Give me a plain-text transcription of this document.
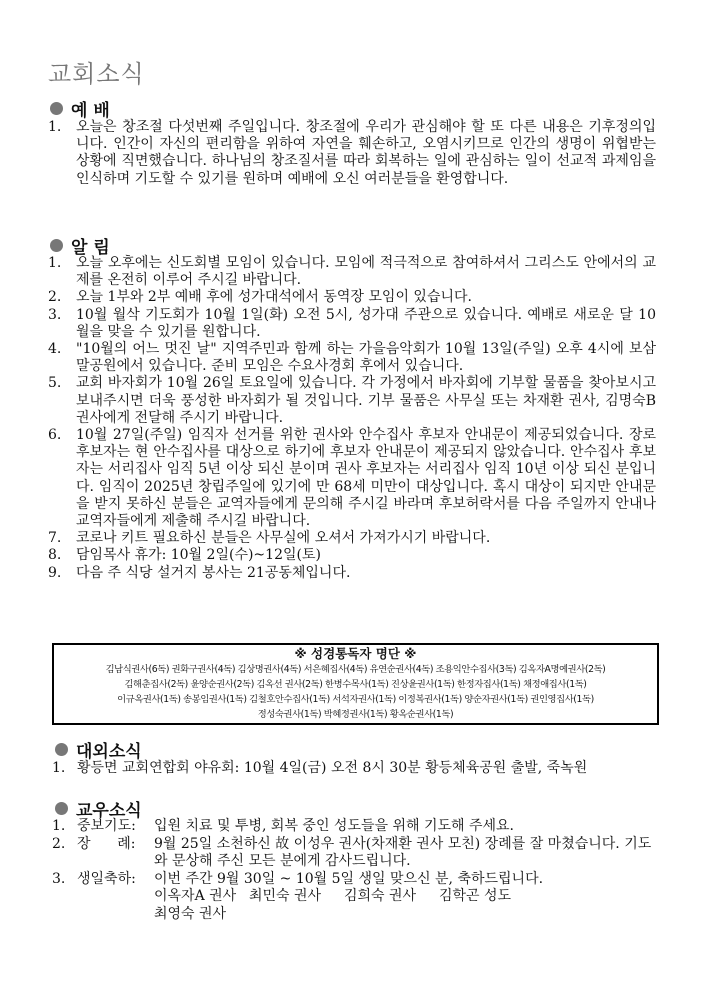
교회소식
예 배
1.	오늘은 창조절 다섯번째 주일입니다. 창조절에 우리가 관심해야 할 또 다른 내용은 기후정의입니다. 인간이 자신의 편리함을 위하여 자연을 훼손하고, 오염시키므로 인간의 생명이 위협받는 상황에 직면했습니다. 하나님의 창조질서를 따라 회복하는 일에 관심하는 일이 선교적 과제임을 인식하며 기도할 수 있기를 원하며 예배에 오신 여러분들을 환영합니다.
알 림
1.	오늘 오후에는 신도회별 모임이 있습니다. 모임에 적극적으로 참여하셔서 그리스도 안에서의 교제를 온전히 이루어 주시길 바랍니다.
2.	오늘 1부와 2부 예배 후에 성가대석에서 동역장 모임이 있습니다.
3.	10월 월삭 기도회가 10월 1일(화) 오전 5시, 성가대 주관으로 있습니다. 예배로 새로운 달 10월을 맞을 수 있기를 원합니다.
4.	"10월의 어느 멋진 날" 지역주민과 함께 하는 가을음악회가 10월 13일(주일) 오후 4시에 보삼말공원에서 있습니다. 준비 모임은 수요사경회 후에서 있습니다.
5.	교회 바자회가 10월 26일 토요일에 있습니다. 각 가정에서 바자회에 기부할 물품을 찾아보시고 보내주시면 더욱 풍성한 바자회가 될 것입니다. 기부 물품은 사무실 또는 차재환 권사, 김명숙B 권사에게 전달해 주시기 바랍니다.
6.	10월 27일(주일) 임직자 선거를 위한 권사와 안수집사 후보자 안내문이 제공되었습니다. 장로 후보자는 현 안수집사를 대상으로 하기에 후보자 안내문이 제공되지 않았습니다. 안수집사 후보자는 서리집사 임직 5년 이상 되신 분이며 권사 후보자는 서리집사 임직 10년 이상 되신 분입니다. 임직이 2025년 창립주일에 있기에 만 68세 미만이 대상입니다. 혹시 대상이 되지만 안내문을 받지 못하신 분들은 교역자들에게 문의해 주시길 바라며 후보허락서를 다음 주일까지 안내나 교역자들에게 제출해 주시길 바랍니다.
7.	코로나 키트 필요하신 분들은 사무실에 오셔서 가져가시기 바랍니다.
8.	담임목사 휴가: 10월 2일(수)~12일(토)
9.	다음 주 식당 설거지 봉사는 21공동체입니다.
※ 성경통독자 명단 ※
김남식권사(6독) 권화구권사(4독) 김상명권사(4독) 서은혜집사(4독) 유연순권사(4독) 조용익안수집사(3독) 김옥자A명예권사(2독)
김해춘집사(2독) 윤양순권사(2독) 김옥선 권사(2독) 한병수목사(1독) 진상윤권사(1독) 한정자집사(1독) 채정애집사(1독)
이규옥권사(1독) 송봉임권사(1독) 김철호안수집사(1독) 서석자권사(1독) 이정복권사(1독) 양순자권사(1독) 권인영집사(1독)
정성숙권사(1독) 박혜정권사(1독) 황옥순권사(1독)
대외소식
1. 황등면 교회연합회 야유회: 10월 4일(금) 오전 8시 30분 황등체육공원 출발, 죽녹원
교우소식
1. 중보기도:	입원 치료 및 투병, 회복 중인 성도들을 위해 기도해 주세요.
2. 장      례:	9월 25일 소천하신 故 이성우 권사(차재환 권사 모친) 장례를 잘 마쳤습니다. 기도와 문상해 주신 모든 분에게 감사드립니다.
3. 생일축하:	이번 주간 9월 30일 ~ 10월 5일 생일 맞으신 분, 축하드립니다.
이옥자A 권사 최민숙 권사	김희숙 권사	김학곤 성도
최영숙 권사
